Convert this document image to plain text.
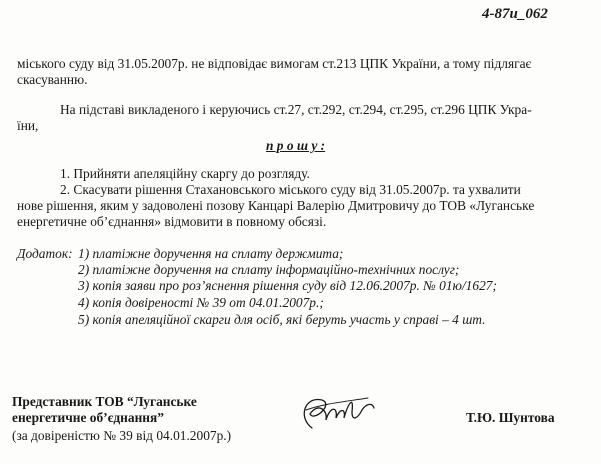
4-87и_062
міського суду від 31.05.2007р. не відповідає вимогам ст.213 ЦПК України, а тому підлягає
скасуванню.
На підставі викладеного і керуючись ст.27, ст.292, ст.294, ст.295, ст.296 ЦПК Укра-
їни,
п р о ш у :
1. Прийняти апеляційну скаргу до розгляду.
2. Скасувати рішення Стахановського міського суду від 31.05.2007р. та ухвалити
нове рішення, яким у задоволені позову Канцарі Валерію Дмитровичу до ТОВ «Луганське
енергетичне об’єднання» відмовити в повному обсязі.
Додаток: 1) платіжне доручення на сплату держмита;
2) платіжне доручення на сплату інформаційно-технічних послуг;
3) копія заяви про роз’яснення рішення суду від 12.06.2007р. № 01ю/1627;
4) копія довіреності № 39 от 04.01.2007р.;
5) копія апеляційної скарги для осіб, які беруть участь у справі – 4 шт.
Представник ТОВ “Луганське
енергетичне об’єднання”
(за довіреністю № 39 від 04.01.2007р.)
Т.Ю. Шунтова
